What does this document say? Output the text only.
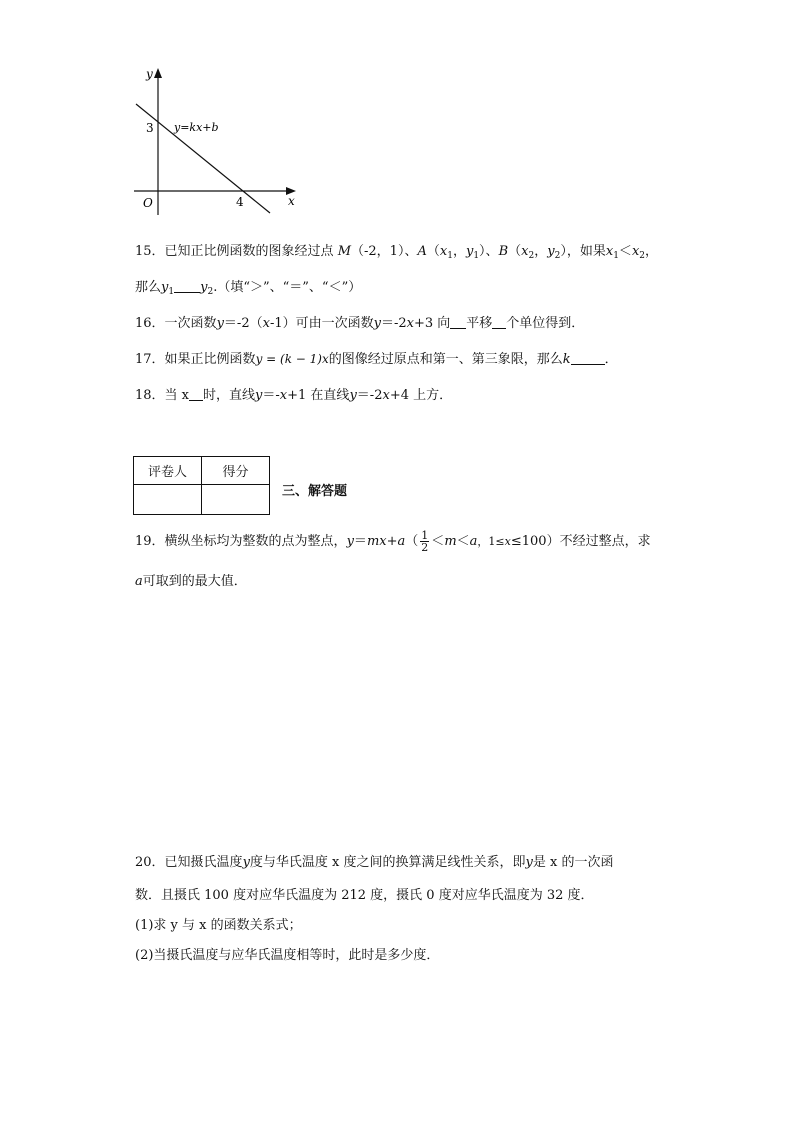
y
x
O
3
4
y=kx+b
15．已知正比例函数的图象经过点 M（-2，1）、$A(x_1$，$y_1$）、$B(x_2$，$y_2$），如果$x_1<x_2$，
那么$y_1$ $y_2$.（填“＞”、“＝”、“＜”）
16．一次函数y＝-2（x-1）可由一次函数y＝-2x+3 向 平移 个单位得到．
17．如果正比例函数y = (k − 1)x的图像经过原点和第一、第三象限，那么k	．
18．当 x 时，直线y＝-x+1 在直线y＝-2x+4 上方．
评卷人	得分

三、解答题
19．横纵坐标均为整数的点为整点，$y=mx+a( \frac{1}{2} <m<a$，1≤x≤100）不经过整点，求
a可取到的最大值．
20．已知摄氏温度y度与华氏温度 x 度之间的换算满足线性关系，即y是 x 的一次函
数．且摄氏 100 度对应华氏温度为 212 度，摄氏 0 度对应华氏温度为 32 度．
(1)求 y 与 x 的函数关系式；
(2)当摄氏温度与应华氏温度相等时，此时是多少度．
